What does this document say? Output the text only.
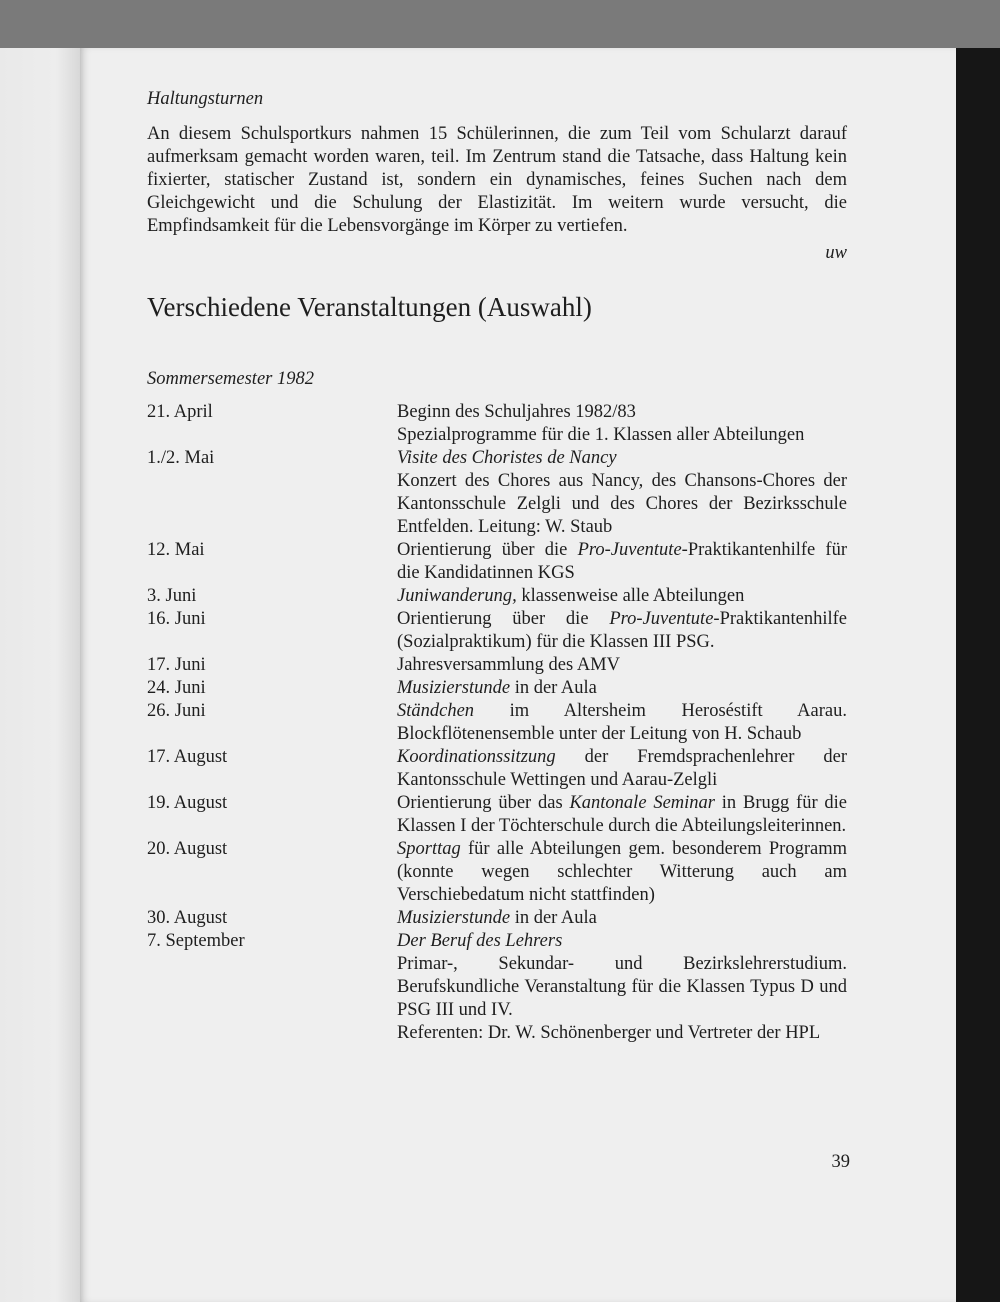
Haltungsturnen

An diesem Schulsportkurs nahmen 15 Schülerinnen, die zum Teil vom Schularzt darauf aufmerksam gemacht worden waren, teil. Im Zentrum stand die Tatsache, dass Haltung kein fixierter, statischer Zustand ist, sondern ein dynamisches, feines Suchen nach dem Gleichgewicht und die Schulung der Elastizität. Im weitern wurde versucht, die Empfindsamkeit für die Lebensvorgänge im Körper zu vertiefen.

uw

Verschiedene Veranstaltungen (Auswahl)
Sommersemester 1982
21. April	Beginn des Schuljahres 1982/83
Spezialprogramme für die 1. Klassen aller Abteilungen
1./2. Mai	Visite des Choristes de Nancy
Konzert des Chores aus Nancy, des Chansons-Chores der Kantonsschule Zelgli und des Chores der Bezirksschule Entfelden. Leitung: W. Staub
12. Mai	Orientierung über die Pro-Juventute-Praktikantenhilfe für die Kandidatinnen KGS
3. Juni	Juniwanderung, klassenweise alle Abteilungen
16. Juni	Orientierung über die Pro-Juventute-Praktikantenhilfe (Sozialpraktikum) für die Klassen III PSG.
17. Juni	Jahresversammlung des AMV
24. Juni	Musizierstunde in der Aula
26. Juni	Ständchen im Altersheim Heroséstift Aarau. Blockflötenensemble unter der Leitung von H. Schaub
17. August	Koordinationssitzung der Fremdsprachenlehrer der Kantonsschule Wettingen und Aarau-Zelgli
19. August	Orientierung über das Kantonale Seminar in Brugg für die Klassen I der Töchterschule durch die Abteilungsleiterinnen.
20. August	Sporttag für alle Abteilungen gem. besonderem Programm (konnte wegen schlechter Witterung auch am Verschiebedatum nicht stattfinden)
30. August	Musizierstunde in der Aula
7. September	Der Beruf des Lehrers
Primar-, Sekundar- und Bezirkslehrerstudium. Berufskundliche Veranstaltung für die Klassen Typus D und PSG III und IV.
Referenten: Dr. W. Schönenberger und Vertreter der HPL
39
